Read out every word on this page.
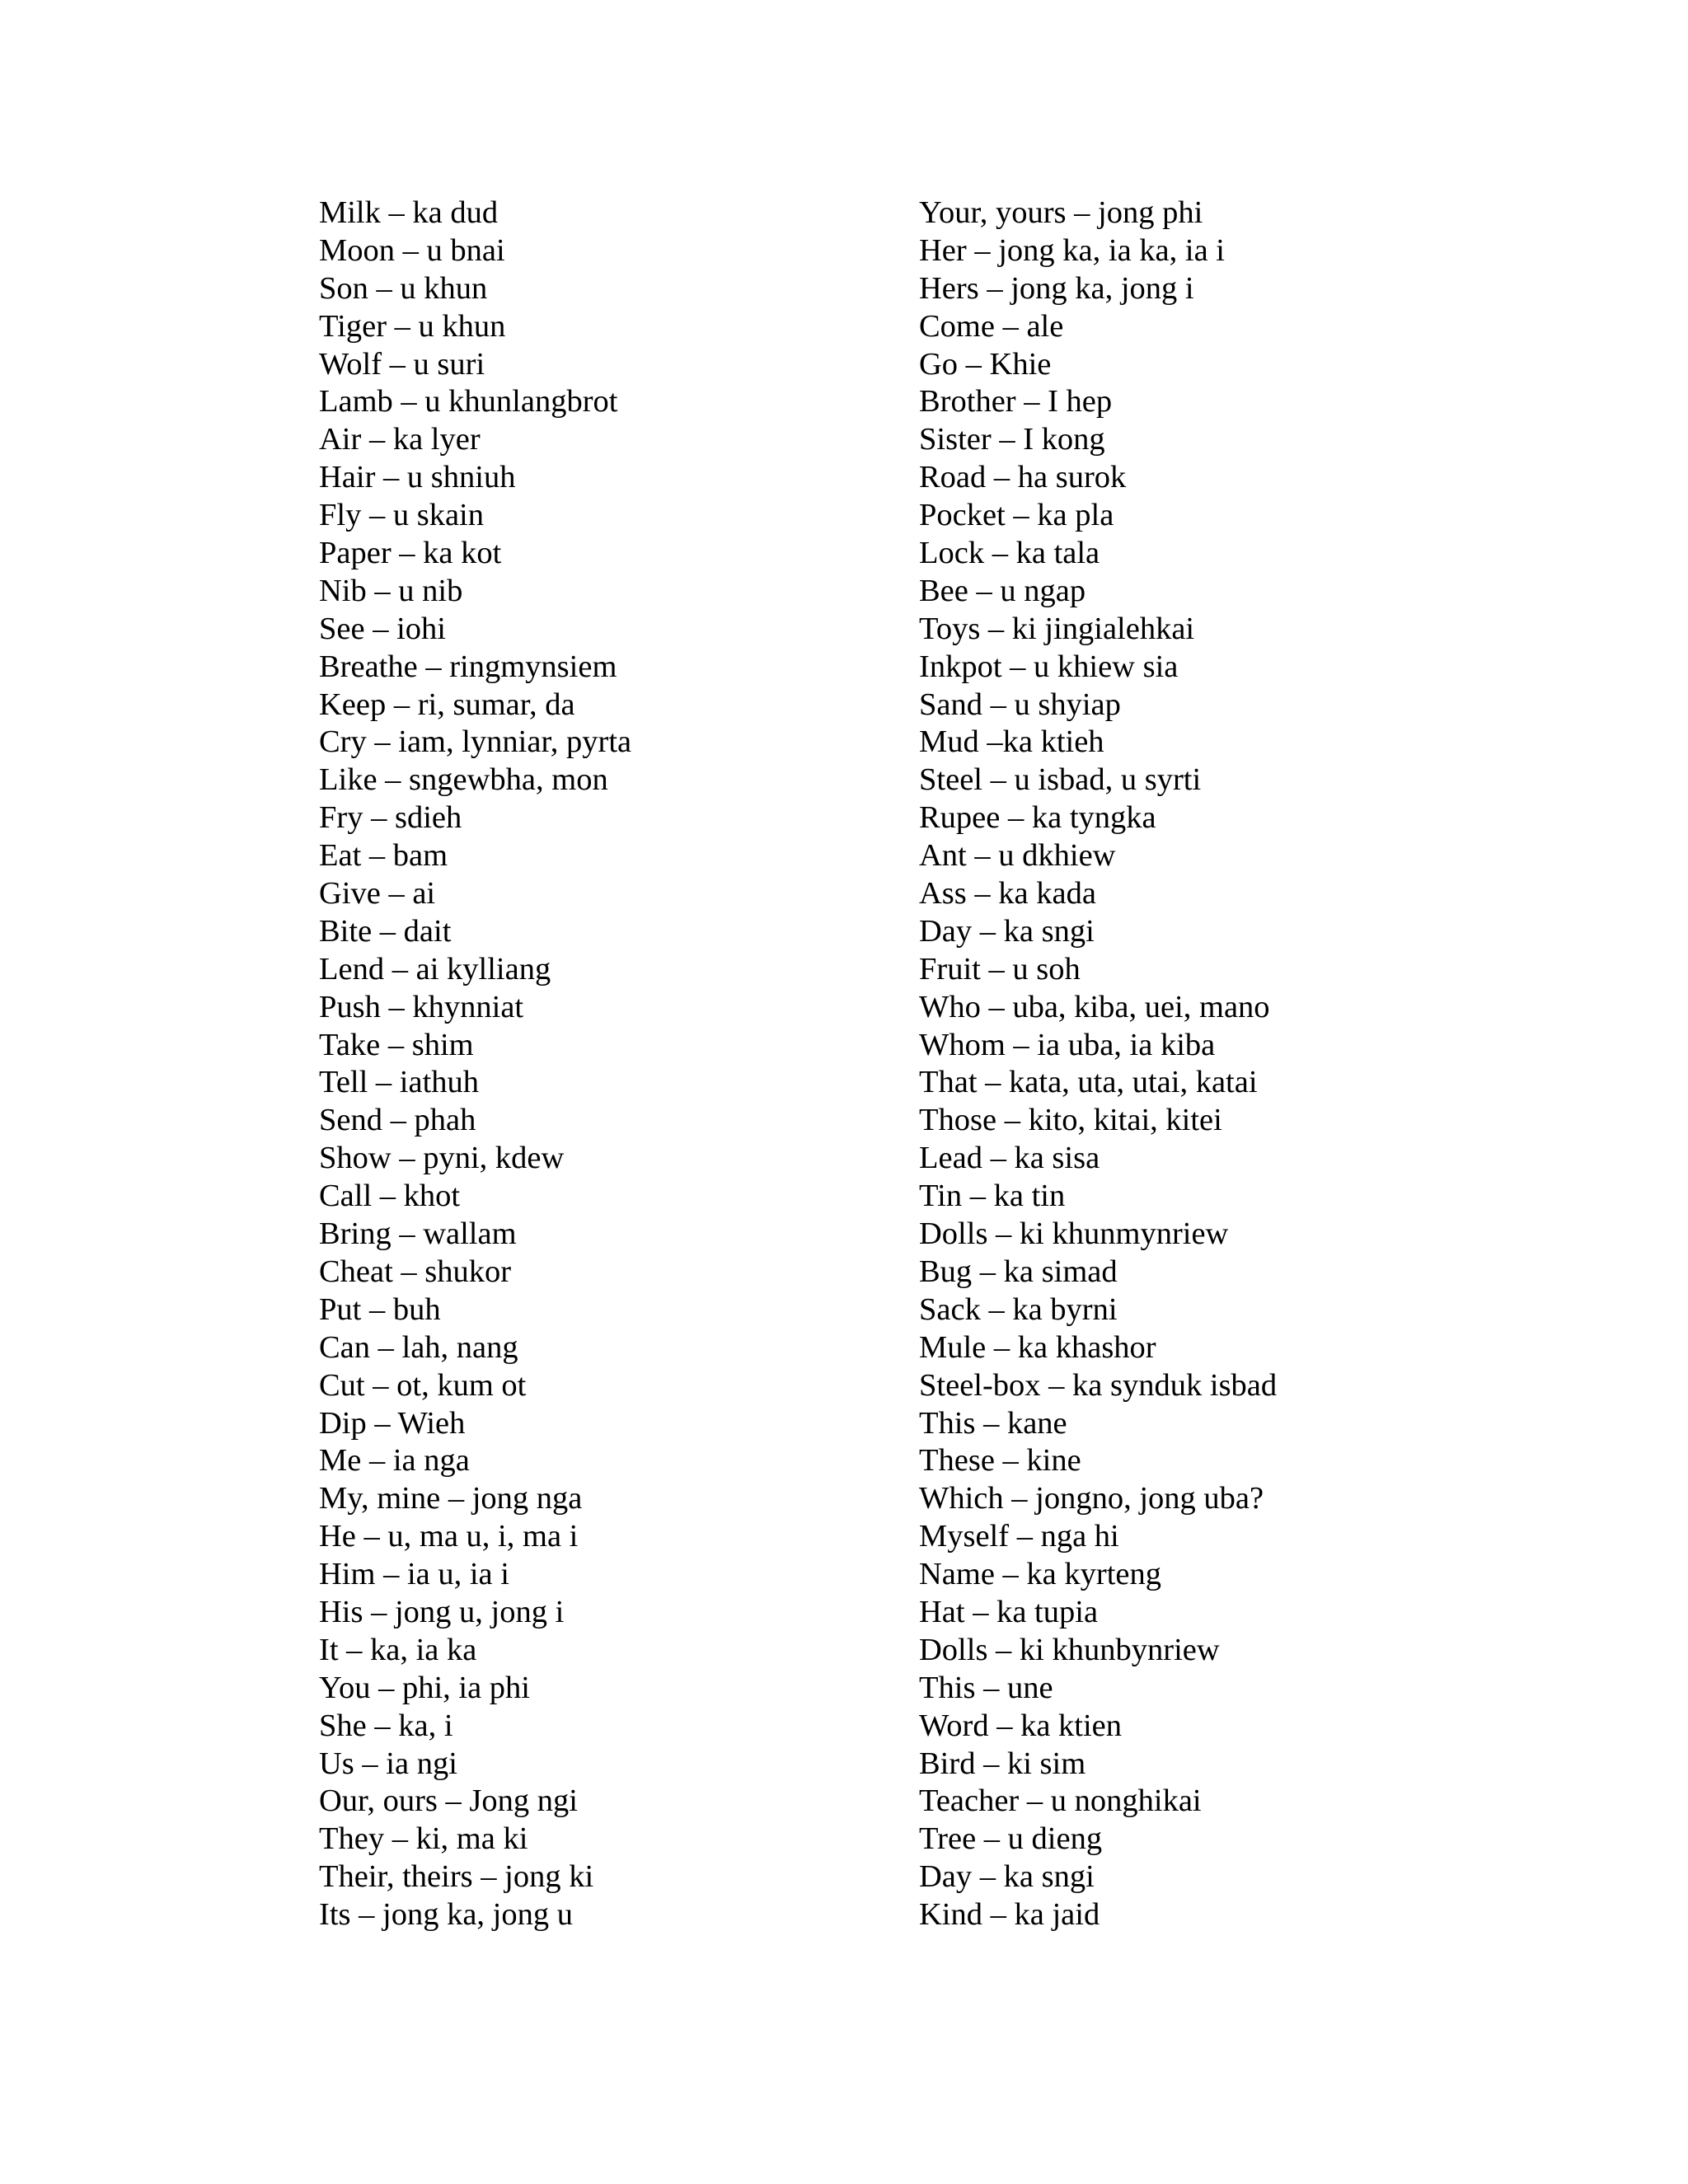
Milk – ka dud
Moon – u bnai
Son – u khun
Tiger – u khun
Wolf – u suri
Lamb – u khunlangbrot
Air – ka lyer
Hair – u shniuh
Fly – u skain
Paper – ka kot
Nib – u nib
See – iohi
Breathe – ringmynsiem
Keep – ri, sumar, da
Cry – iam, lynniar, pyrta
Like – sngewbha, mon
Fry – sdieh
Eat – bam
Give – ai
Bite – dait
Lend – ai kylliang
Push – khynniat
Take – shim
Tell – iathuh
Send – phah
Show – pyni, kdew
Call – khot
Bring – wallam
Cheat – shukor
Put – buh
Can – lah, nang
Cut – ot, kum ot
Dip – Wieh
Me – ia nga
My, mine – jong nga
He – u, ma u, i, ma i
Him – ia u, ia i
His – jong u, jong i
It – ka, ia ka
You – phi, ia phi
She – ka, i
Us – ia ngi
Our, ours – Jong ngi
They – ki, ma ki
Their, theirs – jong ki
Its – jong ka, jong u
Your, yours – jong phi
Her – jong ka, ia ka, ia i
Hers – jong ka, jong i
Come – ale
Go – Khie
Brother – I hep
Sister – I kong
Road – ha surok
Pocket – ka pla
Lock – ka tala
Bee – u ngap
Toys – ki jingialehkai
Inkpot – u khiew sia
Sand – u shyiap
Mud –ka ktieh
Steel – u isbad, u syrti
Rupee – ka tyngka
Ant – u dkhiew
Ass – ka kada
Day – ka sngi
Fruit – u soh
Who – uba, kiba, uei, mano
Whom – ia uba, ia kiba
That – kata, uta, utai, katai
Those – kito, kitai, kitei
Lead – ka sisa
Tin – ka tin
Dolls – ki khunmynriew
Bug – ka simad
Sack – ka byrni
Mule – ka khashor
Steel-box – ka synduk isbad
This – kane
These – kine
Which – jongno, jong uba?
Myself – nga hi
Name – ka kyrteng
Hat – ka tupia
Dolls – ki khunbynriew
This – une
Word – ka ktien
Bird – ki sim
Teacher – u nonghikai
Tree – u dieng
Day – ka sngi
Kind – ka jaid
